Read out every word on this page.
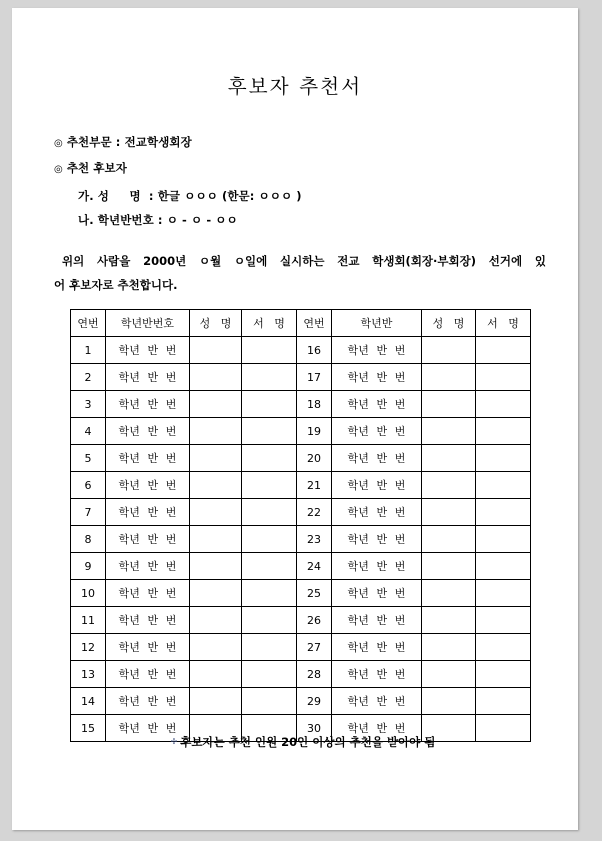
후보자 추천서
◎ 추천부문 : 전교학생회장
◎ 추천 후보자
가. 성     명  : 한글 ㅇㅇㅇ (한문: ㅇㅇㅇ )
나. 학년반번호 : ㅇ - ㅇ - ㅇㅇ
위의 사람을 2000년 ㅇ월 ㅇ일에 실시하는 전교 학생회(회장·부회장) 선거에 있
어 후보자로 추천합니다.
연번	학년반번호	성   명	서   명	연번	학년반	성   명	서   명
1	학년  반  번			16	학년  반  번		
2	학년  반  번			17	학년  반  번		
3	학년  반  번			18	학년  반  번		
4	학년  반  번			19	학년  반  번		
5	학년  반  번			20	학년  반  번		
6	학년  반  번			21	학년  반  번		
7	학년  반  번			22	학년  반  번		
8	학년  반  번			23	학년  반  번		
9	학년  반  번			24	학년  반  번		
10	학년  반  번			25	학년  반  번		
11	학년  반  번			26	학년  반  번		
12	학년  반  번			27	학년  반  번		
13	학년  반  번			28	학년  반  번		
14	학년  반  번			29	학년  반  번		
15	학년  반  번			30	학년  반  번		

✢ 후보자는 추천 인원 20인 이상의 추천을 받아야 됨
